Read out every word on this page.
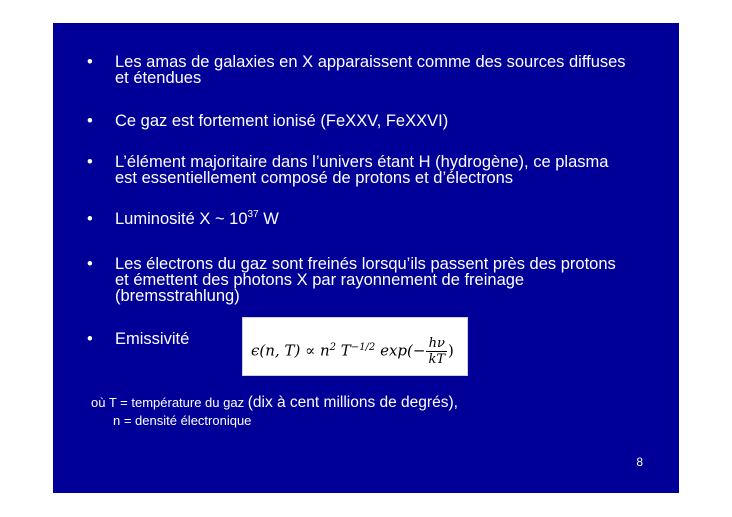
•	Les amas de galaxies en X apparaissent comme des sources diffuses
et étendues
•	Ce gaz est fortement ionisé (FeXXV, FeXXVI)
•	L’élément majoritaire dans l’univers étant H (hydrogène), ce plasma
est essentiellement composé de protons et d’électrons
•	Luminosité X ~ $10^{37}$ W
•	Les électrons du gaz sont freinés lorsqu’ils passent près des protons
et émettent des photons X par rayonnement de freinage
(bremsstrahlung)
•	Emissivité
ϵ(n, $T) \propto n^2$ $T^{-1/2}$ $\exp(- \frac{h\nu}{kT}$ )
où T = température du gaz (dix à cent millions de degrés),
n = densité électronique
8
